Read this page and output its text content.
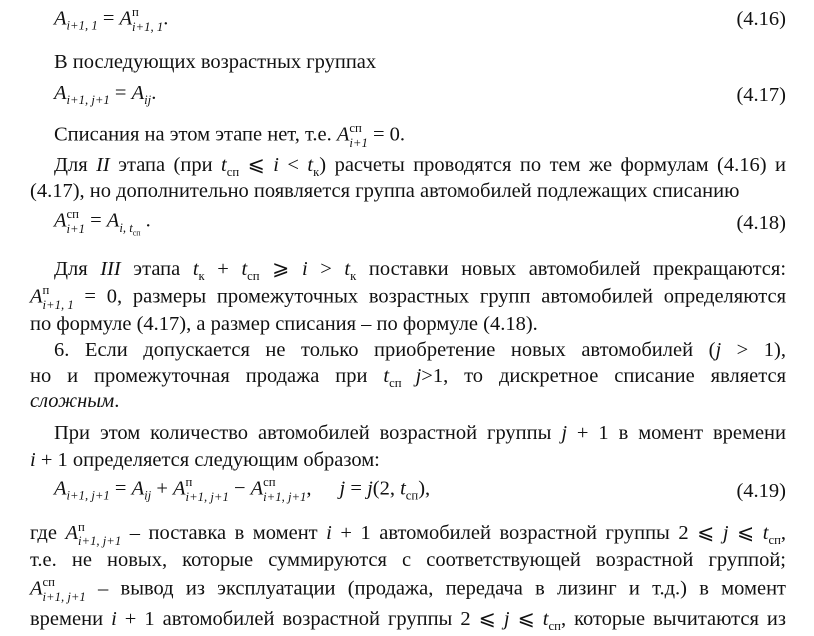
$A_{i+1, 1} = A$ п
i+1, 1 .	(4.16)
В последующих возрастных группах
$A_{i+1, j+1} = A_{ij}$.	(4.17)
Списания на этом этапе нет, т.е. A сп
i+1 = 0.
Для II этапа (при $t_{сп}$ ⩽ $i < t_к$) расчеты проводятся по тем же формулам (4.16) и
(4.17), но дополнительно появляется группа автомобилей подлежащих списанию
A сп
$i+1 = A_{i, t_{сп}}$ .	(4.18)
Для III этапа $t_к + t_{сп}$ ⩾ $i > t_к$ поставки новых автомобилей прекращаются:
A п
i+1, 1 = 0, размеры промежуточных возрастных групп автомобилей определяются
по формуле (4.17), а размер списания – по формуле (4.18).
6. Если допускается не только приобретение новых автомобилей (j > 1),
но и промежуточная продажа при $t_{сп}$ j>1, то дискретное списание является
сложным.
При этом количество автомобилей возрастной группы j + 1 в момент времени
i + 1 определяется следующим образом:
$A_{i+1, j+1} = A_{ij} + A$ п
i+1, j+1 − A сп
i+1, j+1 , j = j(2, $t_{сп}$),	(4.19)
где A п
i+1, j+1 – поставка в момент i + 1 автомобилей возрастной группы 2 ⩽ j ⩽ $t_{сп}$,
т.е. не новых, которые суммируются с соответствующей возрастной группой;
A сп
i+1, j+1 – вывод из эксплуатации (продажа, передача в лизинг и т.д.) в момент
времени i + 1 автомобилей возрастной группы 2 ⩽ j ⩽ $t_{сп}$, которые вычитаются из
